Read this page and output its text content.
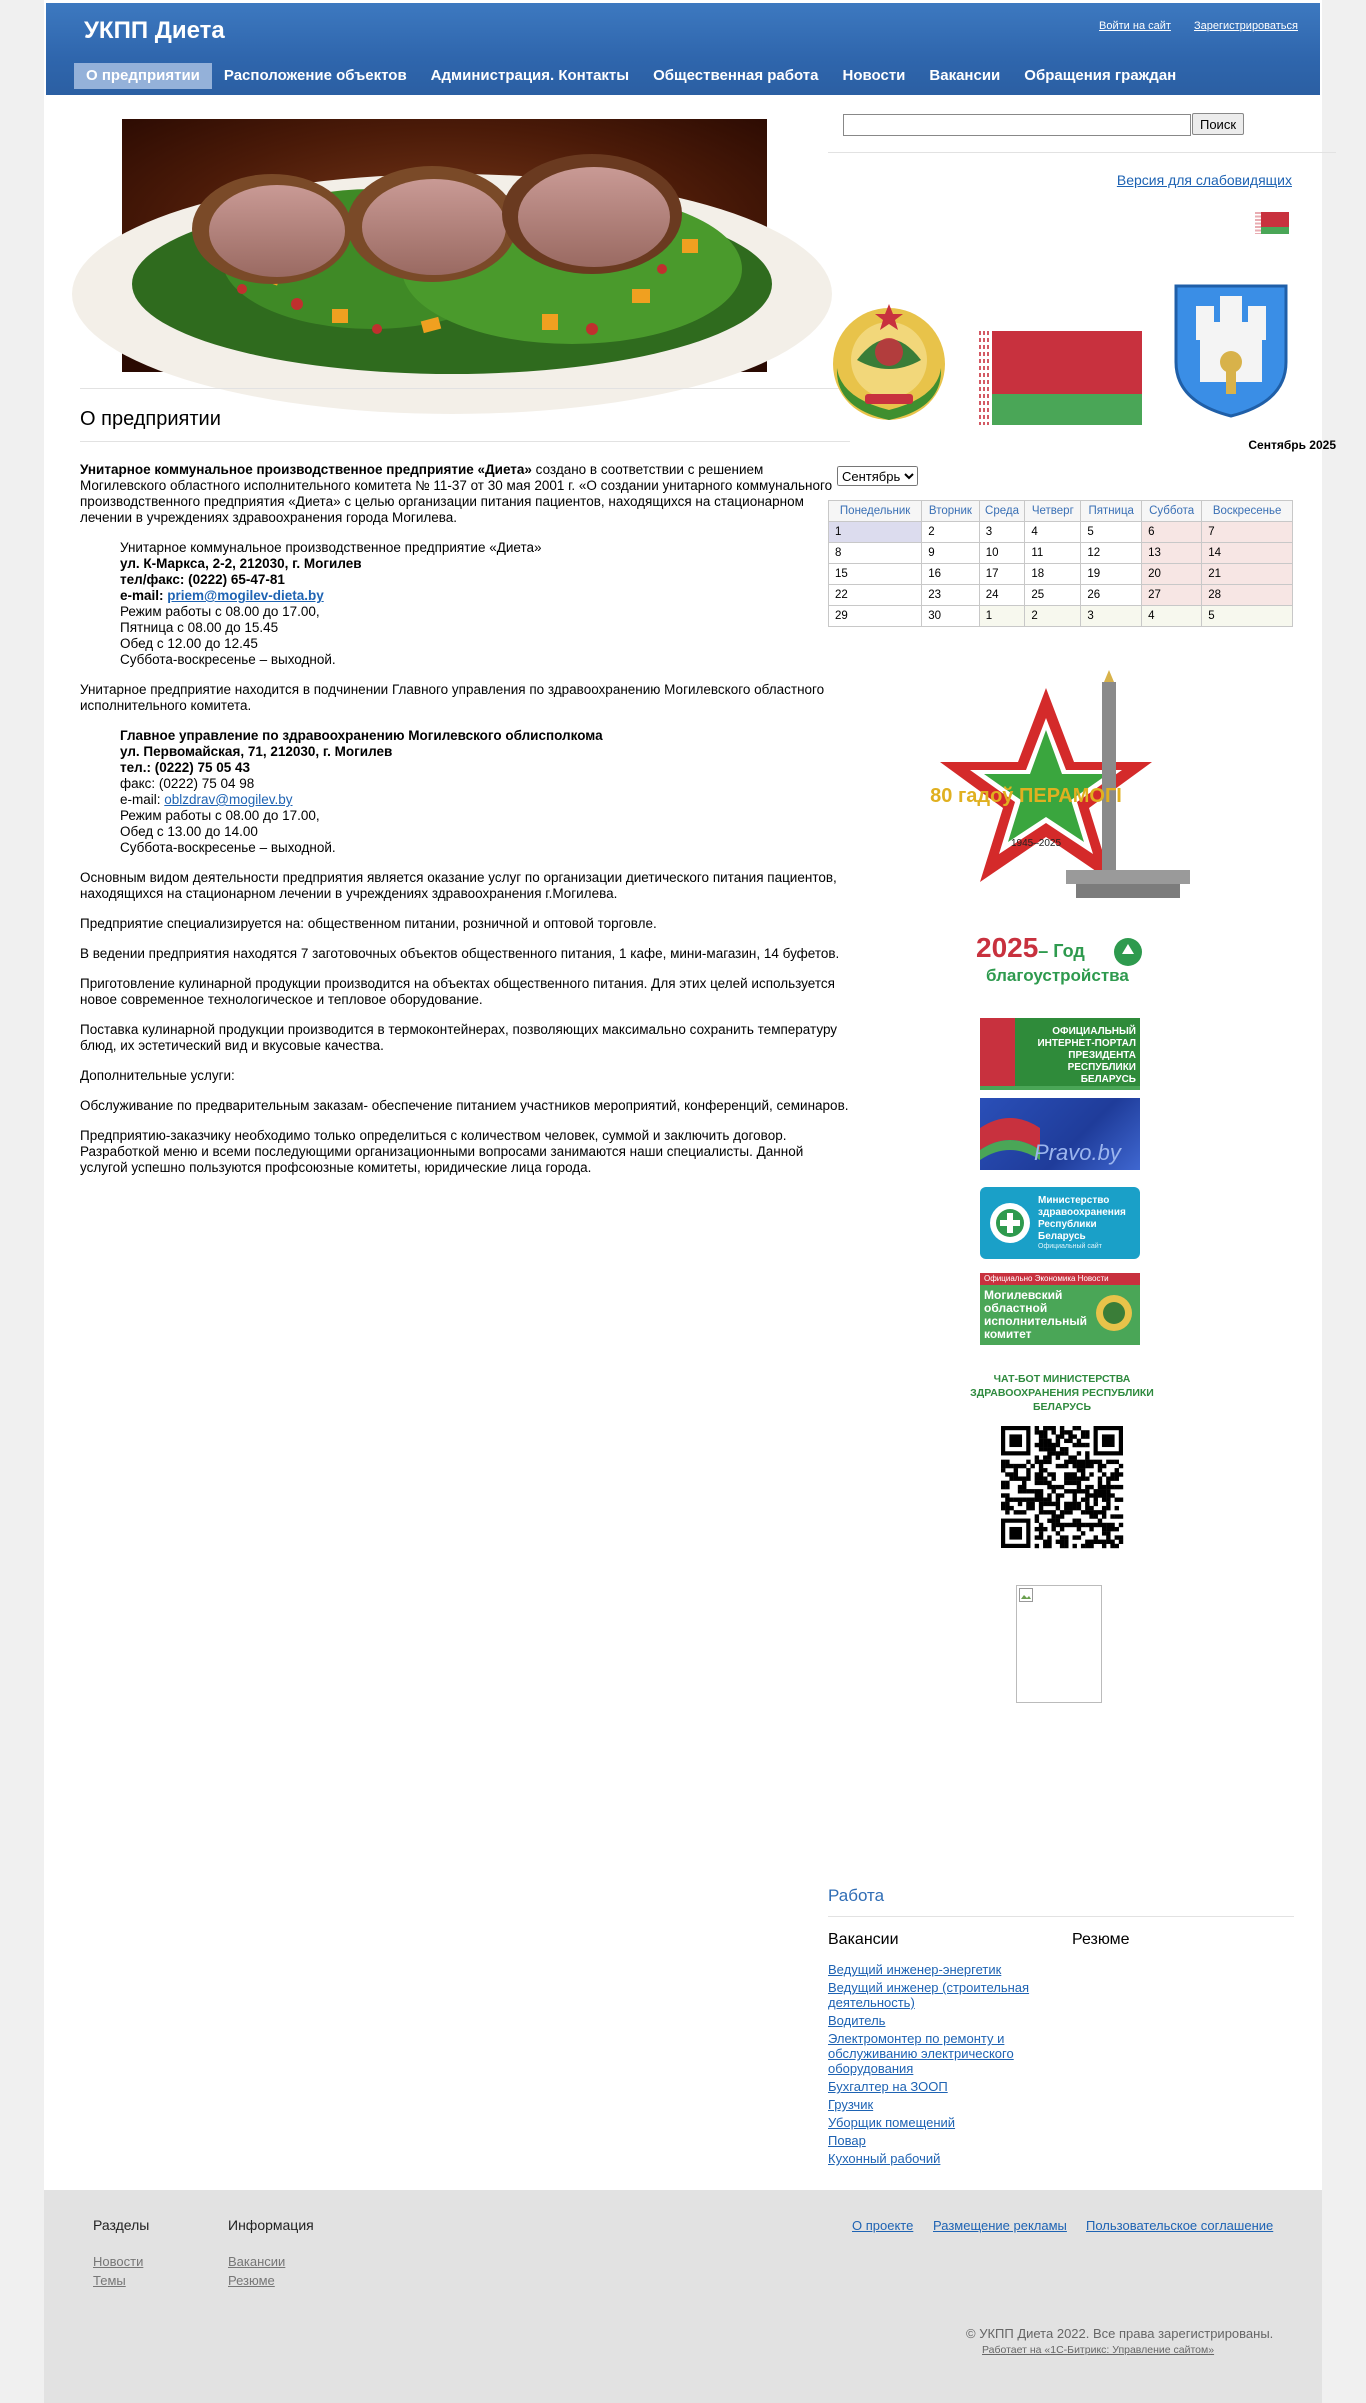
УКПП Диета	Войти на сайт Зарегистрироваться
О предприятии	Расположение объектов	Администрация. Контакты	Общественная работа	Новости	Вакансии	Обращения граждан
О предприятии

Унитарное коммунальное производственное предприятие «Диета» создано в соответствии с решением Могилевского областного исполнительного комитета № 11-37 от 30 мая 2001 г. «О создании унитарного коммунального производственного предприятия «Диета» с целью организации питания пациентов, находящихся на стационарном лечении в учреждениях здравоохранения города Могилева.

Унитарное коммунальное производственное предприятие «Диета»
ул. К-Маркса, 2-2, 212030, г. Могилев
тел/факс: (0222) 65-47-81
e-mail: priem@mogilev-dieta.by
Режим работы с 08.00 до 17.00,
Пятница с 08.00 до 15.45
Обед с 12.00 до 12.45
Суббота-воскресенье – выходной.

Унитарное предприятие находится в подчинении Главного управления по здравоохранению Могилевского областного исполнительного комитета.

Главное управление по здравоохранению Могилевского облисполкома
ул. Первомайская, 71, 212030, г. Могилев
тел.: (0222) 75 05 43
факс: (0222) 75 04 98
e-mail: oblzdrav@mogilev.by
Режим работы с 08.00 до 17.00,
Обед с 13.00 до 14.00
Суббота-воскресенье – выходной.

Основным видом деятельности предприятия является оказание услуг по организации диетического питания пациентов, находящихся на стационарном лечении в учреждениях здравоохранения г.Могилева.

Предприятие специализируется на: общественном питании, розничной и оптовой торговле.

В ведении предприятия находятся 7 заготовочных объектов общественного питания, 1 кафе, мини-магазин, 14 буфетов.

Приготовление кулинарной продукции производится на объектах общественного питания. Для этих целей используется новое современное технологическое и тепловое оборудование.

Поставка кулинарной продукции производится в термоконтейнерах, позволяющих максимально сохранить температуру блюд, их эстетический вид и вкусовые качества.

Дополнительные услуги:

Обслуживание по предварительным заказам- обеспечение питанием участников мероприятий, конференций, семинаров.

Предприятию-заказчику необходимо только определиться с количеством человек, суммой и заключить договор. Разработкой меню и всеми последующими организационными вопросами занимаются наши специалисты. Данной услугой успешно пользуются профсоюзные комитеты, юридические лица города.

Поиск
Версия для слабовидящих
Сентябрь 2025
Сентябрь
Понедельник	Вторник	Среда	Четверг	Пятница	Суббота	Воскресенье
1	2	3	4	5	6	7
8	9	10	11	12	13	14
15	16	17	18	19	20	21
22	23	24	25	26	27	28
29	30	1	2	3	4	5
80 гадоў ПЕРАМОГІ
1945–2025
2025– Год
благоустройства
ОФИЦИАЛЬНЫЙ ИНТЕРНЕТ-ПОРТАЛ ПРЕЗИДЕНТА РЕСПУБЛИКИ БЕЛАРУСЬ
Pravo.by
Министерство здравоохранения Республики Беларусь
Официальный сайт
Официально Экономика Новости
Могилевский областной исполнительный комитет
ЧАТ-БОТ МИНИСТЕРСТВА ЗДРАВООХРАНЕНИЯ РЕСПУБЛИКИ БЕЛАРУСЬ
Работа
Вакансии	Резюме
Ведущий инженер-энергетик
Ведущий инженер (строительная деятельность)
Водитель
Электромонтер по ремонту и обслуживанию электрического оборудования
Бухгалтер на ЗООП
Грузчик
Уборщик помещений
Повар
Кухонный рабочий
Разделы
Новости
Темы
Информация
Вакансии
Резюме
О проекте Размещение рекламы Пользовательское соглашение
© УКПП Диета 2022. Все права зарегистрированы.
Работает на «1С-Битрикс: Управление сайтом»
